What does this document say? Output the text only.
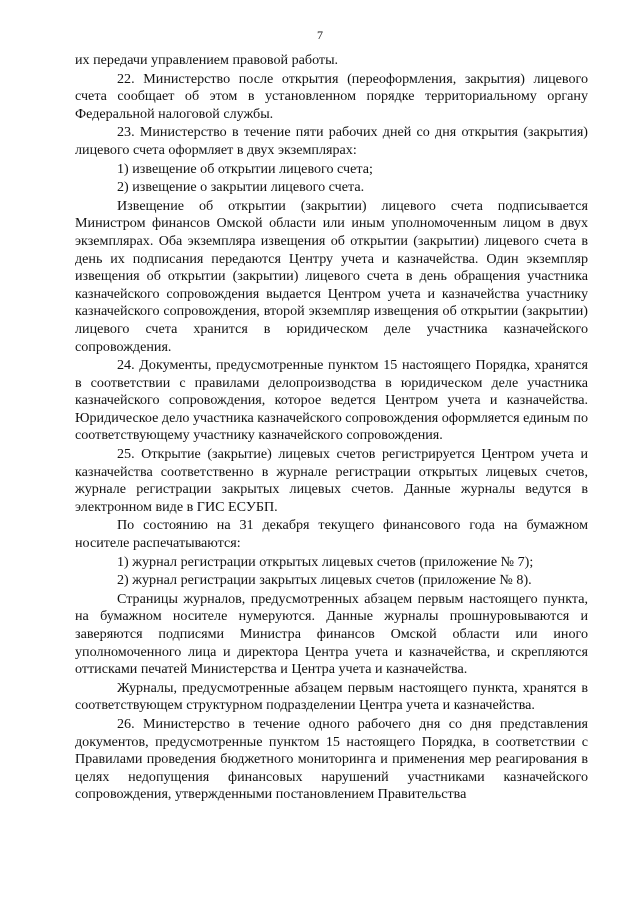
7

их передачи управлением правовой работы.

22. Министерство после открытия (переоформления, закрытия) лицевого счета сообщает об этом в установленном порядке территориальному органу Федеральной налоговой службы.

23. Министерство в течение пяти рабочих дней со дня открытия (закрытия) лицевого счета оформляет в двух экземплярах:

1) извещение об открытии лицевого счета;

2) извещение о закрытии лицевого счета.

Извещение об открытии (закрытии) лицевого счета подписывается Министром финансов Омской области или иным уполномоченным лицом в двух экземплярах. Оба экземпляра извещения об открытии (закрытии) лицевого счета в день их подписания передаются Центру учета и казначейства. Один экземпляр извещения об открытии (закрытии) лицевого счета в день обращения участника казначейского сопровождения выдается Центром учета и казначейства участнику казначейского сопровождения, второй экземпляр извещения об открытии (закрытии) лицевого счета хранится в юридическом деле участника казначейского сопровождения.

24. Документы, предусмотренные пунктом 15 настоящего Порядка, хранятся в соответствии с правилами делопроизводства в юридическом деле участника казначейского сопровождения, которое ведется Центром учета и казначейства. Юридическое дело участника казначейского сопровождения оформляется единым по соответствующему участнику казначейского сопровождения.

25. Открытие (закрытие) лицевых счетов регистрируется Центром учета и казначейства соответственно в журнале регистрации открытых лицевых счетов, журнале регистрации закрытых лицевых счетов. Данные журналы ведутся в электронном виде в ГИС ЕСУБП.

По состоянию на 31 декабря текущего финансового года на бумажном носителе распечатываются:

1) журнал регистрации открытых лицевых счетов (приложение № 7);

2) журнал регистрации закрытых лицевых счетов (приложение № 8).

Страницы журналов, предусмотренных абзацем первым настоящего пункта, на бумажном носителе нумеруются. Данные журналы прошнуровываются и заверяются подписями Министра финансов Омской области или иного уполномоченного лица и директора Центра учета и казначейства, и скрепляются оттисками печатей Министерства и Центра учета и казначейства.

Журналы, предусмотренные абзацем первым настоящего пункта, хранятся в соответствующем структурном подразделении Центра учета и казначейства.

26. Министерство в течение одного рабочего дня со дня представления документов, предусмотренные пунктом 15 настоящего Порядка, в соответствии с Правилами проведения бюджетного мониторинга и применения мер реагирования в целях недопущения финансовых нарушений участниками казначейского сопровождения, утвержденными постановлением Правительства
